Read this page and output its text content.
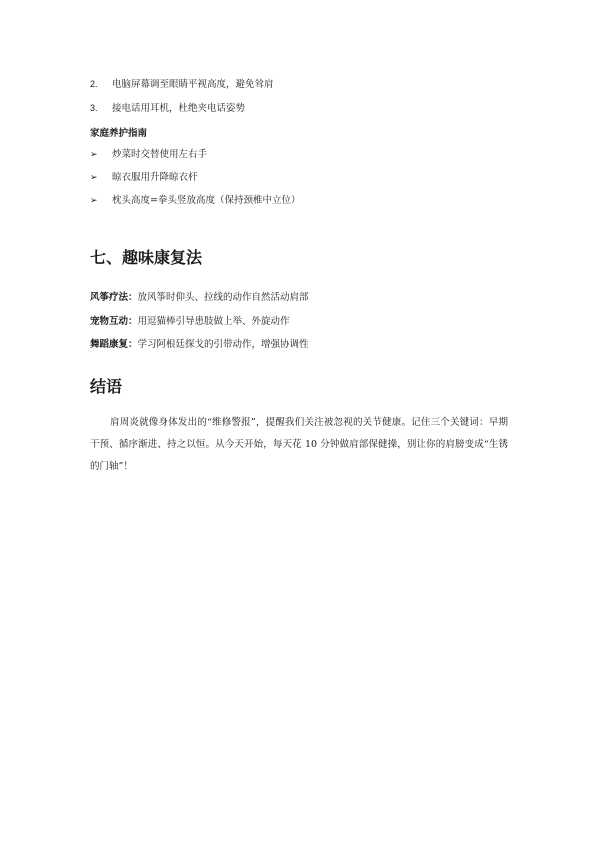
2. 电脑屏幕调至眼睛平视高度，避免耸肩
3. 接电话用耳机，杜绝夹电话姿势
家庭养护指南
➢ 炒菜时交替使用左右手
➢ 晾衣服用升降晾衣杆
➢ 枕头高度=拳头竖放高度（保持颈椎中立位）
七、趣味康复法
风筝疗法：放风筝时仰头、拉线的动作自然活动肩部
宠物互动：用逗猫棒引导患肢做上举、外旋动作
舞蹈康复：学习阿根廷探戈的引带动作，增强协调性
结语
肩周炎就像身体发出的“维修警报”，提醒我们关注被忽视的关节健康。记住三个关键词：早期干预、循序渐进、持之以恒。从今天开始，每天花 10 分钟做肩部保健操，别让你的肩膀变成“生锈的门轴”！
